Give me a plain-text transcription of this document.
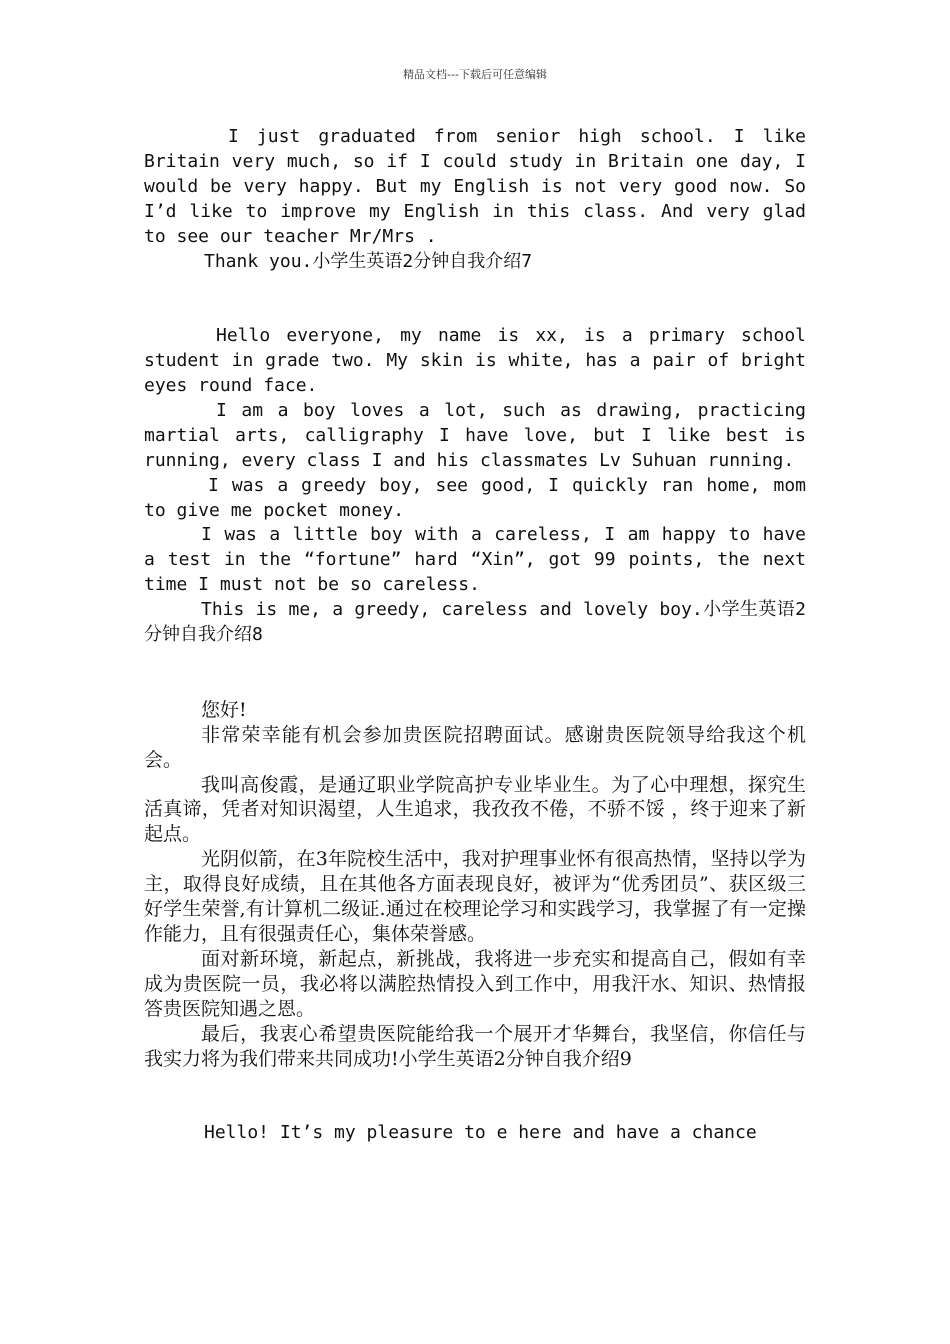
精品文档---下载后可任意编辑

I just graduated from senior high school. I like Britain very much, so if I could study in Britain one day, I would be very happy. But my English is not very good now. So I’d like to improve my English in this class. And very glad to see our teacher Mr/Mrs .

Thank you.小学生英语2分钟自我介绍7

Hello everyone, my name is xx, is a primary school student in grade two. My skin is white, has a pair of bright eyes round face.

I am a boy loves a lot, such as drawing, practicing martial arts, calligraphy I have love, but I like best is running, every class I and his classmates Lv Suhuan running.

I was a greedy boy, see good, I quickly ran home, mom to give me pocket money.

I was a little boy with a careless, I am happy to have a test in the “fortune” hard “Xin”, got 99 points, the next time I must not be so careless.

This is me, a greedy, careless and lovely boy.小学生英语2分钟自我介绍8

您好!

非常荣幸能有机会参加贵医院招聘面试。感谢贵医院领导给我这个机会。

我叫高俊霞，是通辽职业学院高护专业毕业生。为了心中理想，探究生活真谛，凭者对知识渴望，人生追求，我孜孜不倦，不骄不馁 ，终于迎来了新起点。

光阴似箭，在3年院校生活中，我对护理事业怀有很高热情，坚持以学为主，取得良好成绩，且在其他各方面表现良好，被评为“优秀团员”、获区级三好学生荣誉,有计算机二级证.通过在校理论学习和实践学习，我掌握了有一定操作能力，且有很强责任心，集体荣誉感。

面对新环境，新起点，新挑战，我将进一步充实和提高自己，假如有幸成为贵医院一员，我必将以满腔热情投入到工作中，用我汗水、知识、热情报答贵医院知遇之恩。

最后，我衷心希望贵医院能给我一个展开才华舞台，我坚信，你信任与我实力将为我们带来共同成功!小学生英语2分钟自我介绍9

Hello! It’s my pleasure to e here and have a chance
